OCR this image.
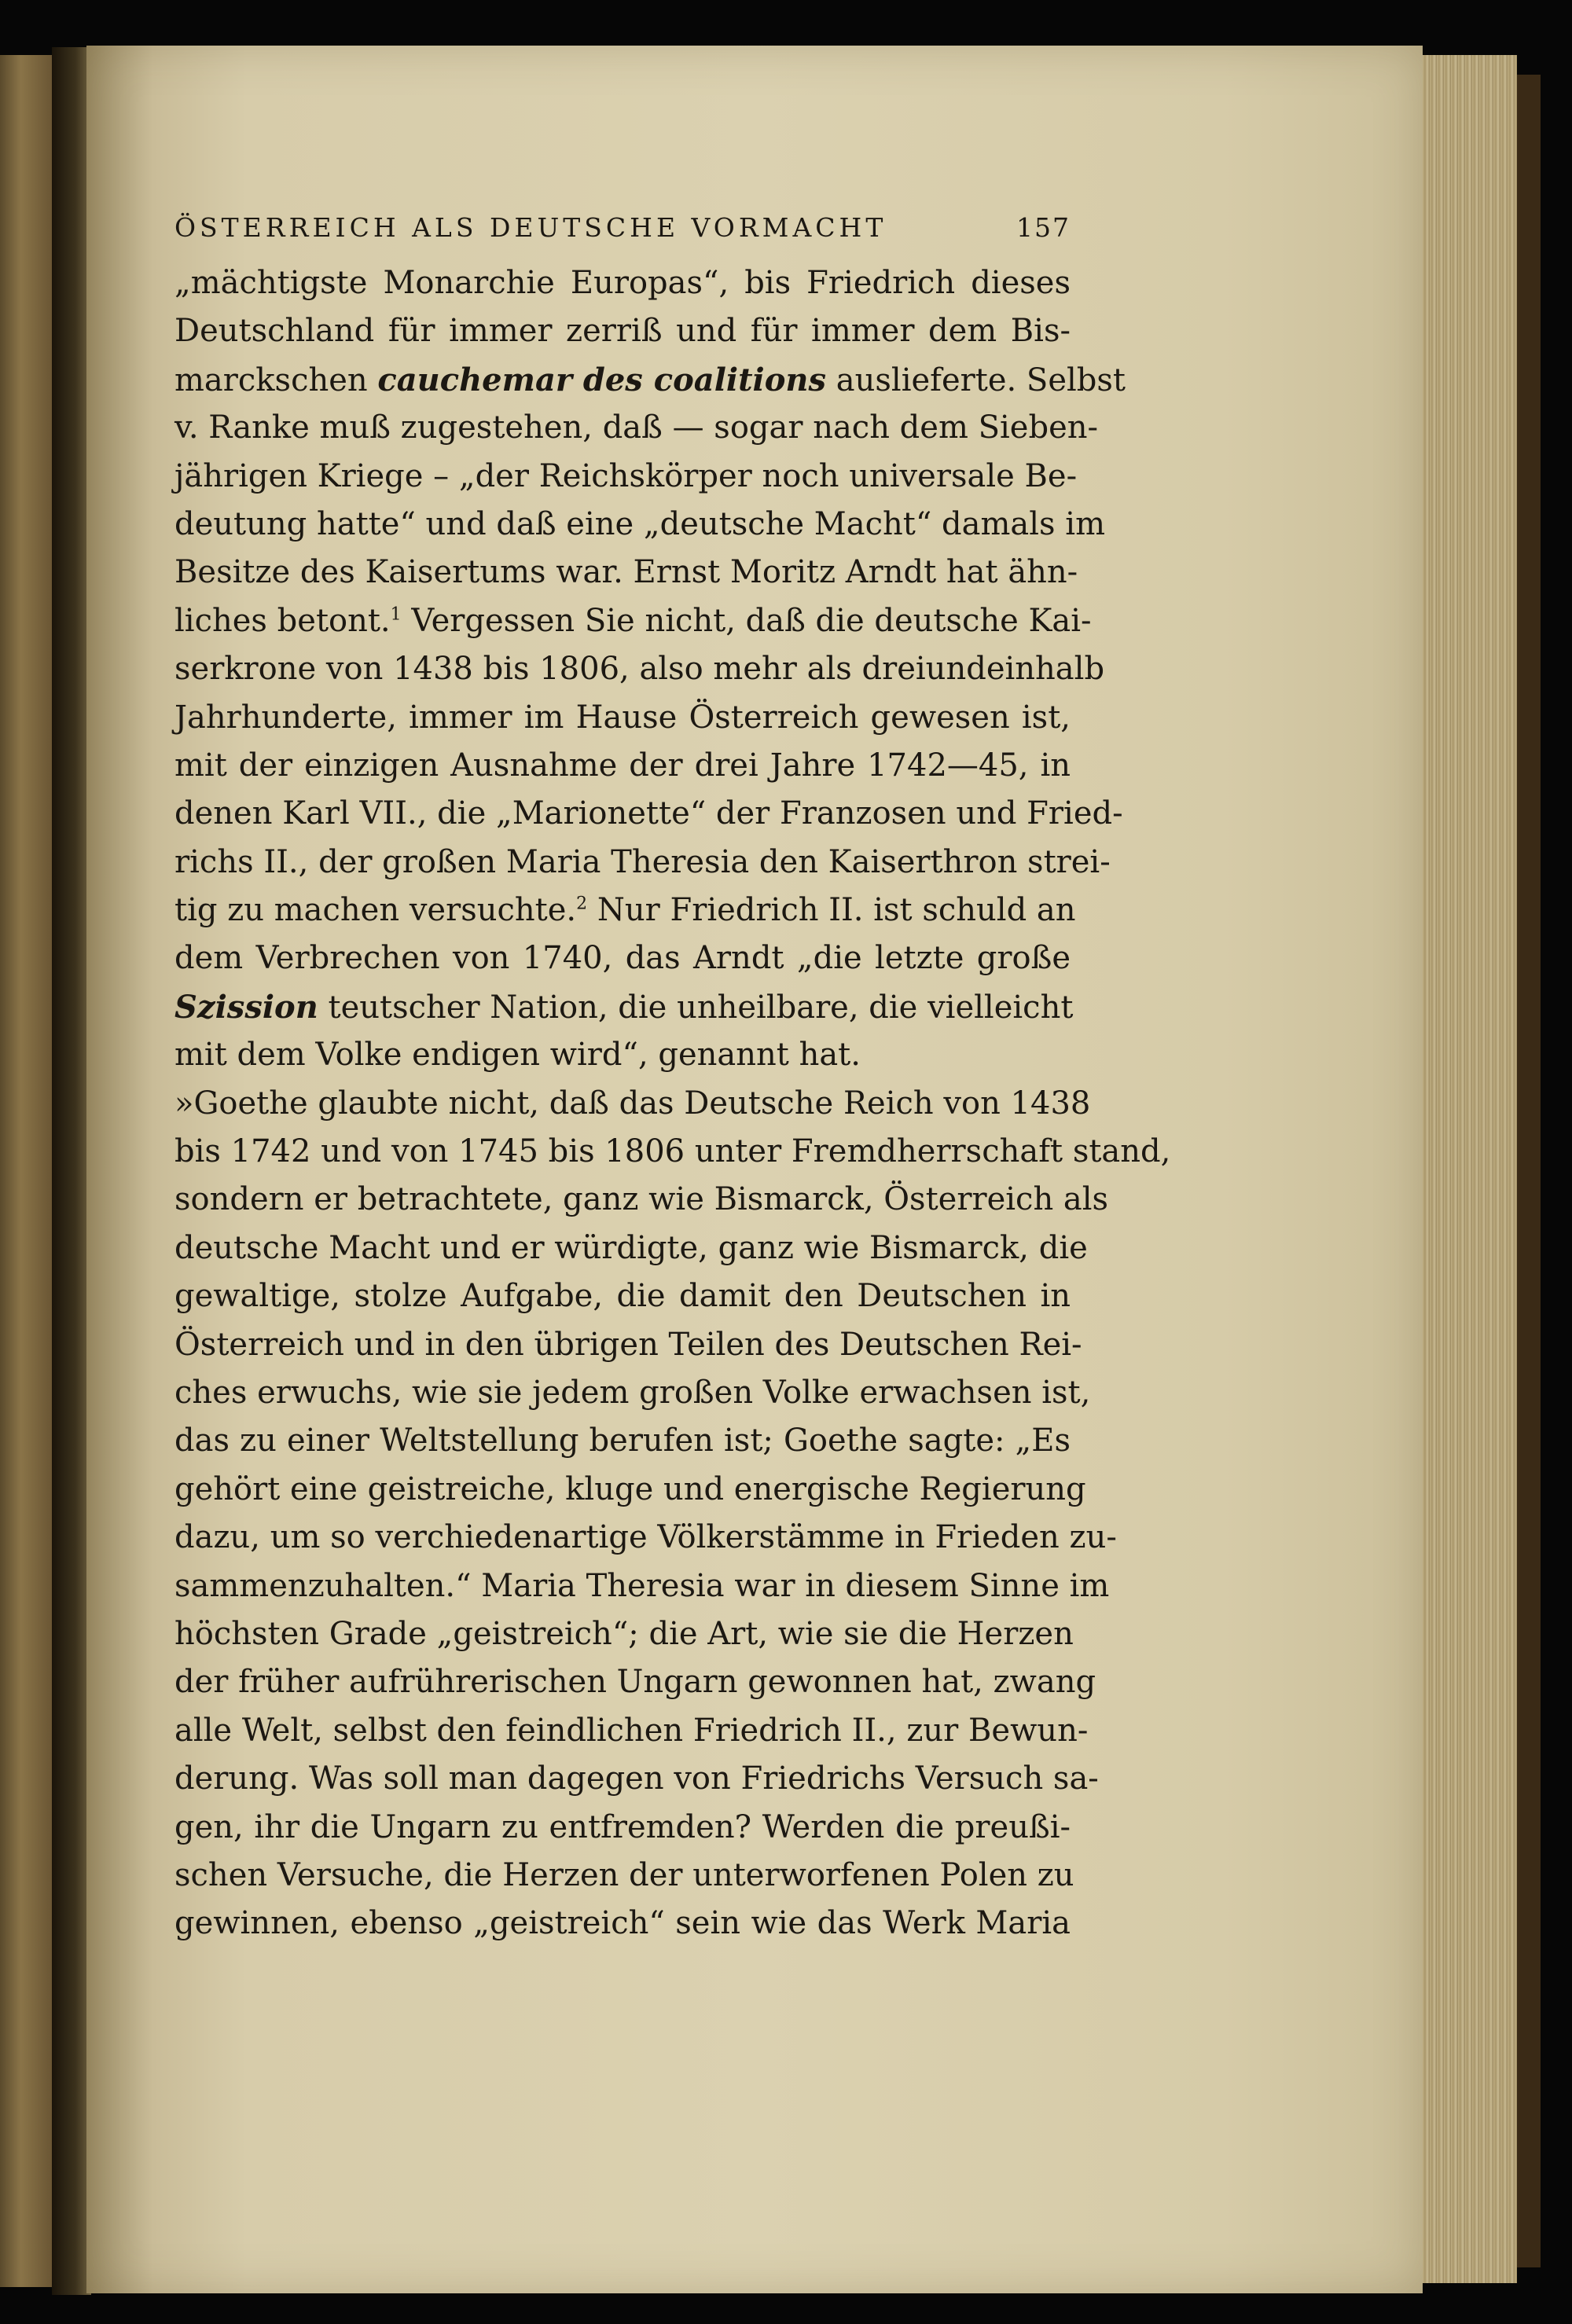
ÖSTERREICH ALS DEUTSCHE VORMACHT	157
„mächtigste Monarchie Europas“, bis Friedrich dieses
Deutschland für immer zerriß und für immer dem Bis-
marckschen cauchemar des coalitions auslieferte. Selbst
v. Ranke muß zugestehen, daß — sogar nach dem Sieben-
jährigen Kriege – „der Reichskörper noch universale Be-
deutung hatte“ und daß eine „deutsche Macht“ damals im
Besitze des Kaisertums war. Ernst Moritz Arndt hat ähn-
liches betont.$^1$ Vergessen Sie nicht, daß die deutsche Kai-
serkrone von 1438 bis 1806, also mehr als dreiundeinhalb
Jahrhunderte, immer im Hause Österreich gewesen ist,
mit der einzigen Ausnahme der drei Jahre 1742—45, in
denen Karl VII., die „Marionette“ der Franzosen und Fried-
richs II., der großen Maria Theresia den Kaiserthron strei-
tig zu machen versuchte.$^2$ Nur Friedrich II. ist schuld an
dem Verbrechen von 1740, das Arndt „die letzte große
Szission teutscher Nation, die unheilbare, die vielleicht
mit dem Volke endigen wird“, genannt hat.
»Goethe glaubte nicht, daß das Deutsche Reich von 1438
bis 1742 und von 1745 bis 1806 unter Fremdherrschaft stand,
sondern er betrachtete, ganz wie Bismarck, Österreich als
deutsche Macht und er würdigte, ganz wie Bismarck, die
gewaltige, stolze Aufgabe, die damit den Deutschen in
Österreich und in den übrigen Teilen des Deutschen Rei-
ches erwuchs, wie sie jedem großen Volke erwachsen ist,
das zu einer Weltstellung berufen ist; Goethe sagte: „Es
gehört eine geistreiche, kluge und energische Regierung
dazu, um so verchiedenartige Völkerstämme in Frieden zu-
sammenzuhalten.“ Maria Theresia war in diesem Sinne im
höchsten Grade „geistreich“; die Art, wie sie die Herzen
der früher aufrührerischen Ungarn gewonnen hat, zwang
alle Welt, selbst den feindlichen Friedrich II., zur Bewun-
derung. Was soll man dagegen von Friedrichs Versuch sa-
gen, ihr die Ungarn zu entfremden? Werden die preußi-
schen Versuche, die Herzen der unterworfenen Polen zu
gewinnen, ebenso „geistreich“ sein wie das Werk Maria
